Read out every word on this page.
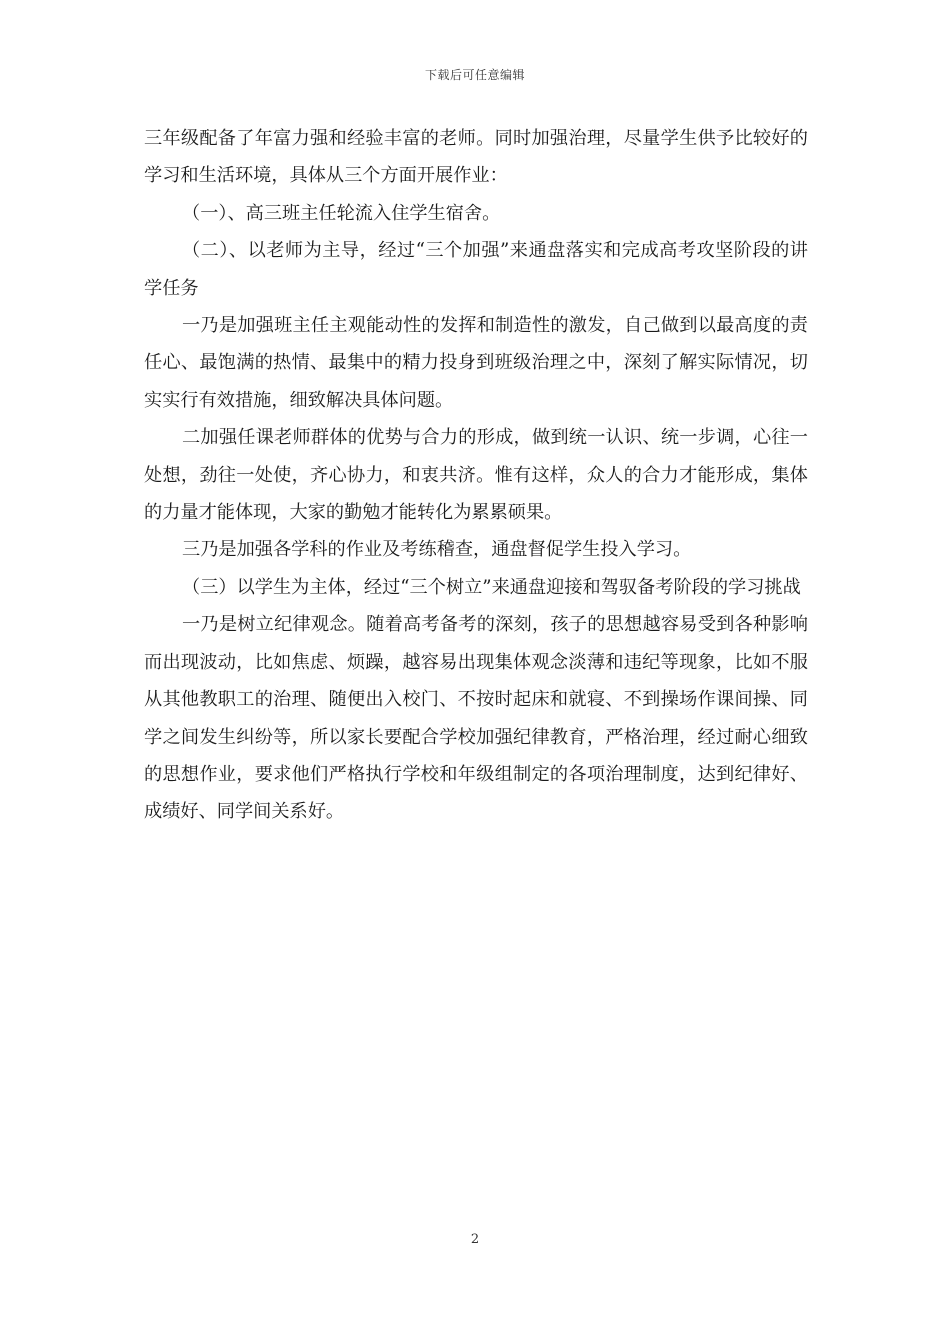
下载后可任意编辑

三年级配备了年富力强和经验丰富的老师。同时加强治理，尽量学生供予比较好的学习和生活环境，具体从三个方面开展作业：

（一）、高三班主任轮流入住学生宿舍。

（二）、以老师为主导，经过“三个加强”来通盘落实和完成高考攻坚阶段的讲学任务

一乃是加强班主任主观能动性的发挥和制造性的激发，自己做到以最高度的责任心、最饱满的热情、最集中的精力投身到班级治理之中，深刻了解实际情况，切实实行有效措施，细致解决具体问题。

二加强任课老师群体的优势与合力的形成，做到统一认识、统一步调，心往一处想，劲往一处使，齐心协力，和衷共济。惟有这样，众人的合力才能形成，集体的力量才能体现，大家的勤勉才能转化为累累硕果。

三乃是加强各学科的作业及考练稽查，通盘督促学生投入学习。

（三）以学生为主体，经过“三个树立”来通盘迎接和驾驭备考阶段的学习挑战

一乃是树立纪律观念。随着高考备考的深刻，孩子的思想越容易受到各种影响而出现波动，比如焦虑、烦躁，越容易出现集体观念淡薄和违纪等现象，比如不服从其他教职工的治理、随便出入校门、不按时起床和就寝、不到操场作课间操、同学之间发生纠纷等，所以家长要配合学校加强纪律教育，严格治理，经过耐心细致的思想作业，要求他们严格执行学校和年级组制定的各项治理制度，达到纪律好、成绩好、同学间关系好。

2
